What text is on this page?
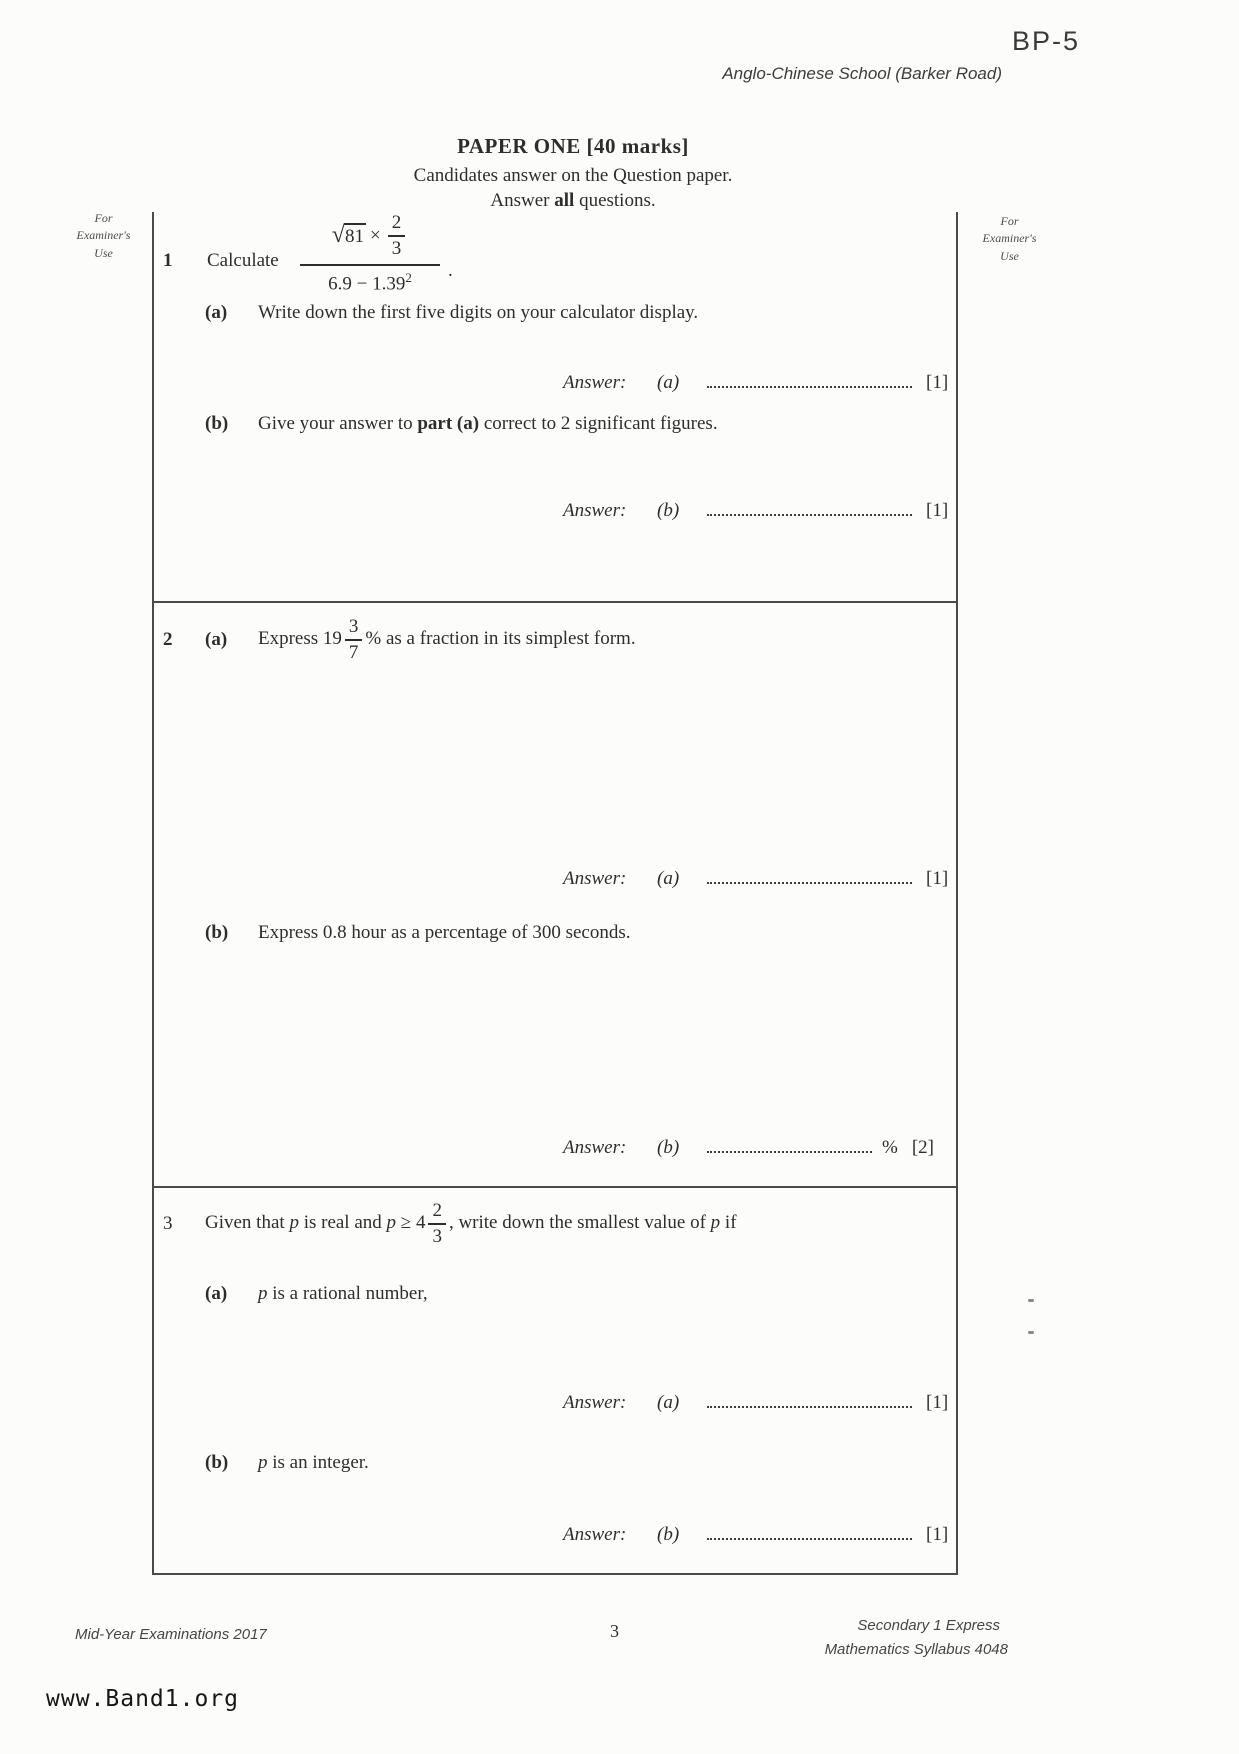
BP-5
Anglo-Chinese School (Barker Road)
PAPER ONE [40 marks]
Candidates answer on the Question paper.
Answer all questions.
For
Examiner's
Use
For
Examiner's
Use
1 Calculate $\frac{√ 81 \times \frac{2}{3}}{6.9 - 1.39^2}$ .
(a) Write down the first five digits on your calculator display.
Answer:	(a)	[1]
(b) Give your answer to part (a) correct to 2 significant figures.
Answer:	(b)	[1]
2	(a)	Express $19 \frac{3}{7}$ % as a fraction in its simplest form.
Answer:	(a)	[1]
(b) Express 0.8 hour as a percentage of 300 seconds.
Answer:	(b)	% [2]
3	Given that p is real and $p \ge 4 \frac{2}{3}$ , write down the smallest value of p if
(a) p is a rational number,
Answer:	(a)	[1]
(b) p is an integer.
Answer:	(b)	[1]
Mid-Year Examinations 2017	3	Secondary 1 Express
Mathematics Syllabus 4048
www.Band1.org
